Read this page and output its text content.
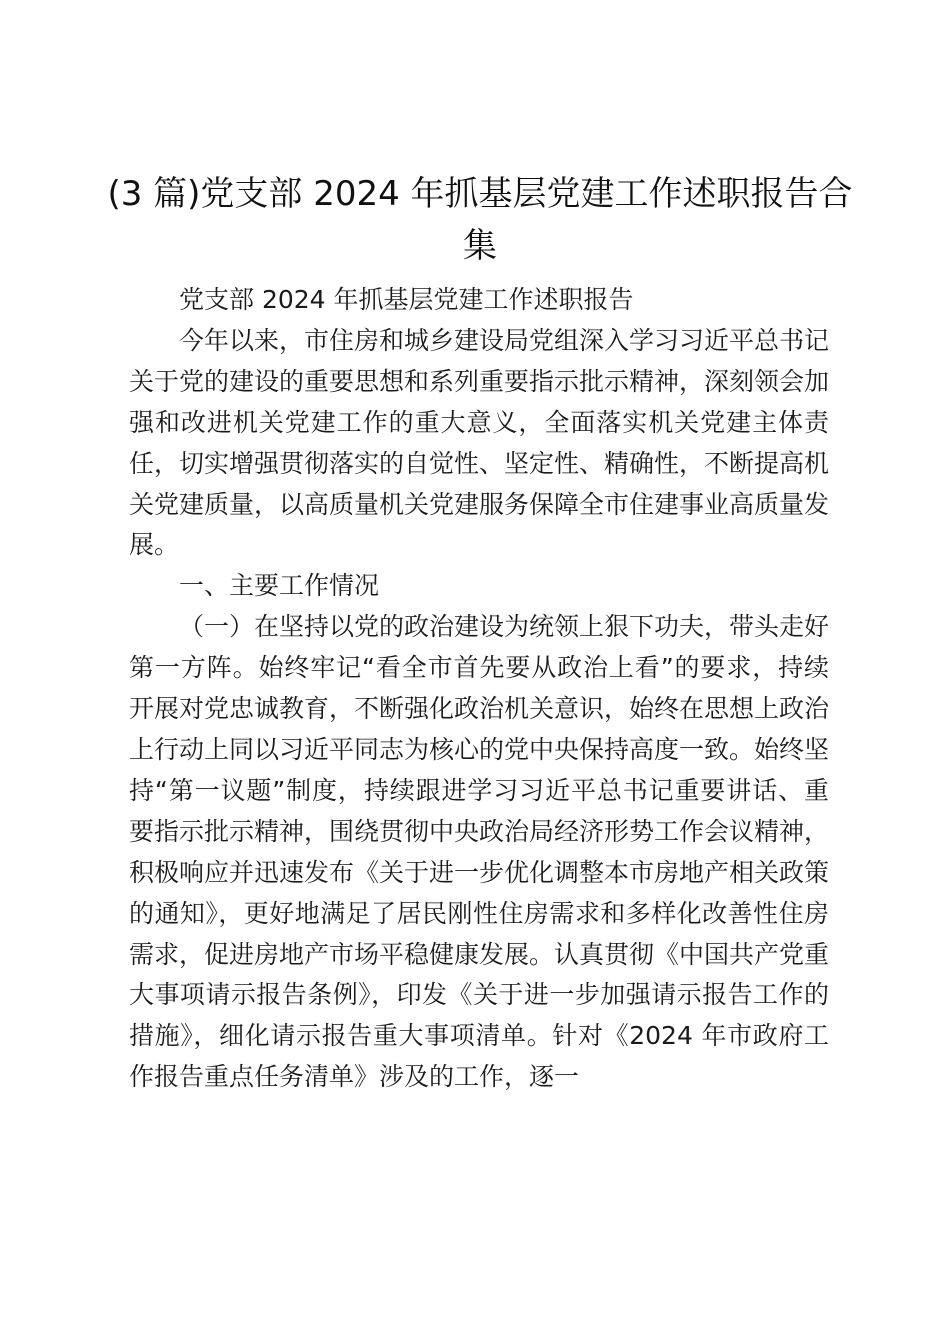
(3 篇)党支部 2024 年抓基层党建工作述职报告合集

党支部 2024 年抓基层党建工作述职报告

今年以来，市住房和城乡建设局党组深入学习习近平总书记关于党的建设的重要思想和系列重要指示批示精神，深刻领会加强和改进机关党建工作的重大意义，全面落实机关党建主体责任，切实增强贯彻落实的自觉性、坚定性、精确性，不断提高机关党建质量，以高质量机关党建服务保障全市住建事业高质量发展。

一、主要工作情况

（一）在坚持以党的政治建设为统领上狠下功夫，带头走好第一方阵。始终牢记“看全市首先要从政治上看”的要求，持续开展对党忠诚教育，不断强化政治机关意识，始终在思想上政治上行动上同以习近平同志为核心的党中央保持高度一致。始终坚持“第一议题”制度，持续跟进学习习近平总书记重要讲话、重要指示批示精神，围绕贯彻中央政治局经济形势工作会议精神，积极响应并迅速发布《关于进一步优化调整本市房地产相关政策的通知》，更好地满足了居民刚性住房需求和多样化改善性住房需求，促进房地产市场平稳健康发展。认真贯彻《中国共产党重大事项请示报告条例》，印发《关于进一步加强请示报告工作的措施》，细化请示报告重大事项清单。针对《2024 年市政府工作报告重点任务清单》涉及的工作，逐一
